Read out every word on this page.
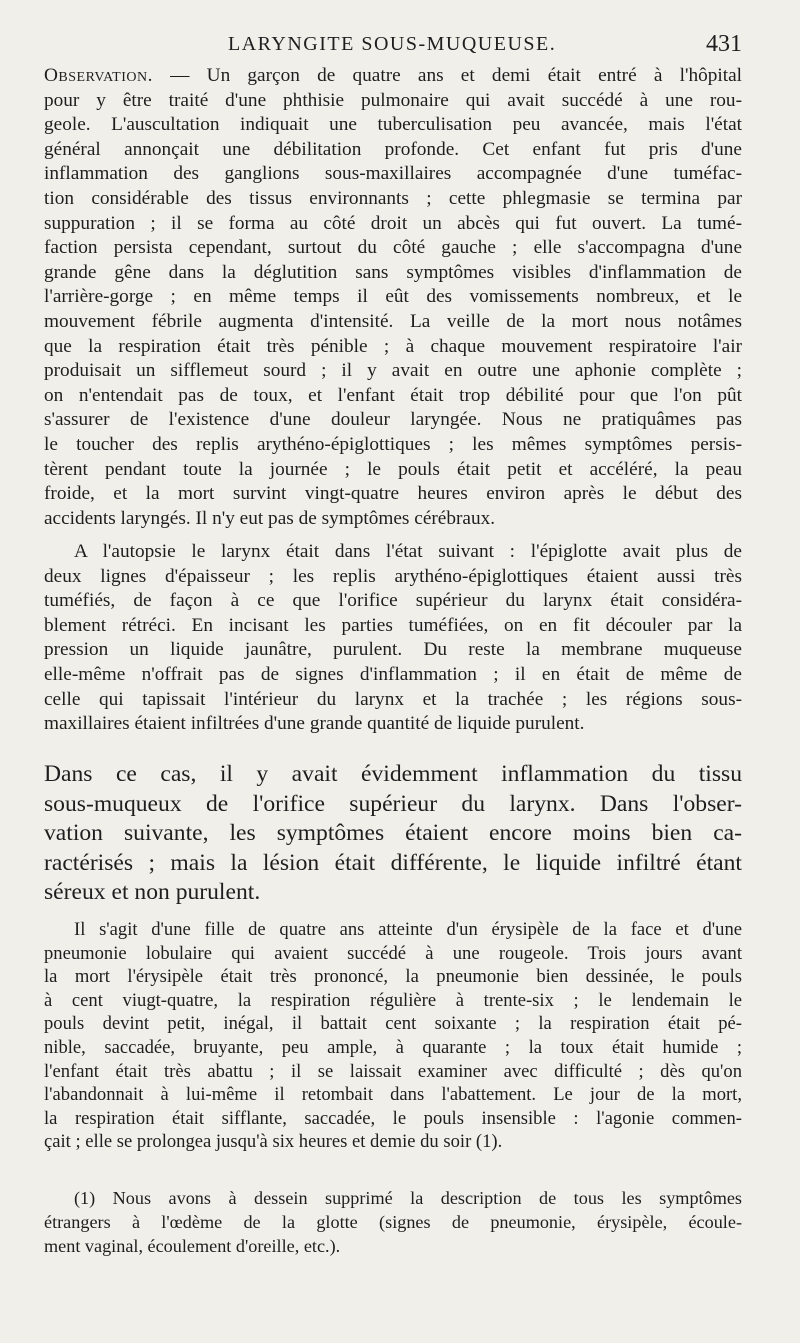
LARYNGITE SOUS-MUQUEUSE.	431
Observation. — Un garçon de quatre ans et demi était entré à l'hôpital
pour y être traité d'une phthisie pulmonaire qui avait succédé à une rou-
geole. L'auscultation indiquait une tuberculisation peu avancée, mais l'état
général annonçait une débilitation profonde. Cet enfant fut pris d'une
inflammation des ganglions sous-maxillaires accompagnée d'une tuméfac-
tion considérable des tissus environnants ; cette phlegmasie se termina par
suppuration ; il se forma au côté droit un abcès qui fut ouvert. La tumé-
faction persista cependant, surtout du côté gauche ; elle s'accompagna d'une
grande gêne dans la déglutition sans symptômes visibles d'inflammation de
l'arrière-gorge ; en même temps il eût des vomissements nombreux, et le
mouvement fébrile augmenta d'intensité. La veille de la mort nous notâmes
que la respiration était très pénible ; à chaque mouvement respiratoire l'air
produisait un sifflemeut sourd ; il y avait en outre une aphonie complète ;
on n'entendait pas de toux, et l'enfant était trop débilité pour que l'on pût
s'assurer de l'existence d'une douleur laryngée. Nous ne pratiquâmes pas
le toucher des replis arythéno-épiglottiques ; les mêmes symptômes persis-
tèrent pendant toute la journée ; le pouls était petit et accéléré, la peau
froide, et la mort survint vingt-quatre heures environ après le début des
accidents laryngés. Il n'y eut pas de symptômes cérébraux.
A l'autopsie le larynx était dans l'état suivant : l'épiglotte avait plus de
deux lignes d'épaisseur ; les replis arythéno-épiglottiques étaient aussi très
tuméfiés, de façon à ce que l'orifice supérieur du larynx était considéra-
blement rétréci. En incisant les parties tuméfiées, on en fit découler par la
pression un liquide jaunâtre, purulent. Du reste la membrane muqueuse
elle-même n'offrait pas de signes d'inflammation ; il en était de même de
celle qui tapissait l'intérieur du larynx et la trachée ; les régions sous-
maxillaires étaient infiltrées d'une grande quantité de liquide purulent.
Dans ce cas, il y avait évidemment inflammation du tissu
sous-muqueux de l'orifice supérieur du larynx. Dans l'obser-
vation suivante, les symptômes étaient encore moins bien ca-
ractérisés ; mais la lésion était différente, le liquide infiltré étant
séreux et non purulent.
Il s'agit d'une fille de quatre ans atteinte d'un érysipèle de la face et d'une
pneumonie lobulaire qui avaient succédé à une rougeole. Trois jours avant
la mort l'érysipèle était très prononcé, la pneumonie bien dessinée, le pouls
à cent viugt-quatre, la respiration régulière à trente-six ; le lendemain le
pouls devint petit, inégal, il battait cent soixante ; la respiration était pé-
nible, saccadée, bruyante, peu ample, à quarante ; la toux était humide ;
l'enfant était très abattu ; il se laissait examiner avec difficulté ; dès qu'on
l'abandonnait à lui-même il retombait dans l'abattement. Le jour de la mort,
la respiration était sifflante, saccadée, le pouls insensible : l'agonie commen-
çait ; elle se prolongea jusqu'à six heures et demie du soir (1).
(1) Nous avons à dessein supprimé la description de tous les symptômes
étrangers à l'œdème de la glotte (signes de pneumonie, érysipèle, écoule-
ment vaginal, écoulement d'oreille, etc.).
